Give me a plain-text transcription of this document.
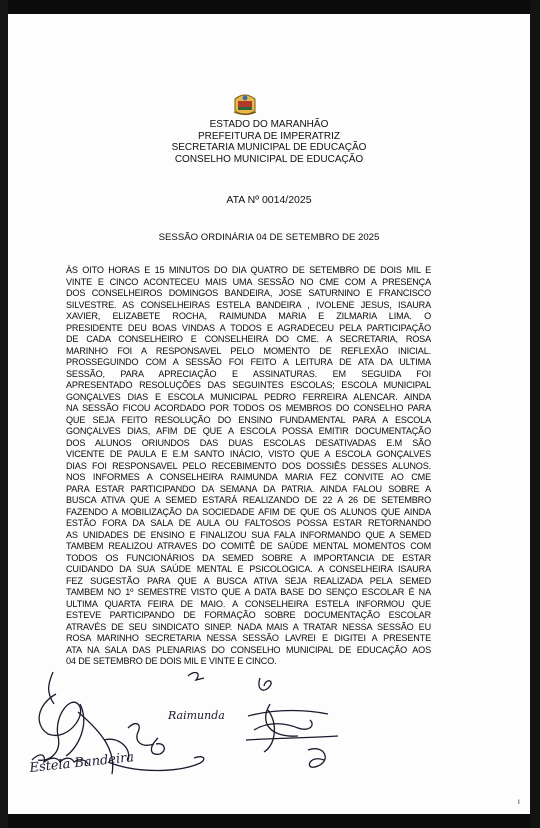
ESTADO DO MARANHÃO
PREFEITURA DE IMPERATRIZ
SECRETARIA MUNICIPAL DE EDUCAÇÃO
CONSELHO MUNICIPAL DE EDUCAÇÃO
ATA Nº 0014/2025
SESSÃO ORDINÁRIA 04 DE SETEMBRO DE 2025
ÀS OITO HORAS E 15 MINUTOS DO DIA QUATRO DE SETEMBRO DE DOIS MIL E
VINTE E CINCO ACONTECEU MAIS UMA SESSÃO NO CME COM A PRESENÇA
DOS CONSELHEIROS DOMINGOS BANDEIRA, JOSE SATURNINO E FRANCISCO
SILVESTRE. AS CONSELHEIRAS ESTELA BANDEIRA , IVOLENE JESUS, ISAURA
XAVIER, ELIZABETE ROCHA, RAIMUNDA MARIA E ZILMARIA LIMA. O
PRESIDENTE DEU BOAS VINDAS A TODOS E AGRADECEU PELA PARTICIPAÇÃO
DE CADA CONSELHEIRO E CONSELHEIRA DO CME. A SECRETARIA, ROSA
MARINHO FOI A RESPONSAVEL PELO MOMENTO DE REFLEXÃO INICIAL.
PROSSEGUINDO COM A SESSÃO FOI FEITO A LEITURA DE ATA DA ULTIMA
SESSÃO, PARA APRECIAÇÃO E ASSINATURAS. EM SEGUIDA FOI
APRESENTADO RESOLUÇÕES DAS SEGUINTES ESCOLAS; ESCOLA MUNICIPAL
GONÇALVES DIAS E ESCOLA MUNICIPAL PEDRO FERREIRA ALENCAR. AINDA
NA SESSÃO FICOU ACORDADO POR TODOS OS MEMBROS DO CONSELHO PARA
QUE SEJA FEITO RESOLUÇÃO DO ENSINO FUNDAMENTAL PARA A ESCOLA
GONÇALVES DIAS, AFIM DE QUE A ESCOLA POSSA EMITIR DOCUMENTAÇÃO
DOS ALUNOS ORIUNDOS DAS DUAS ESCOLAS DESATIVADAS E.M SÃO
VICENTE DE PAULA E E.M SANTO INÁCIO, VISTO QUE A ESCOLA GONÇALVES
DIAS FOI RESPONSAVEL PELO RECEBIMENTO DOS DOSSIÊS DESSES ALUNOS.
NOS INFORMES A CONSELHEIRA RAIMUNDA MARIA FEZ CONVITE AO CME
PARA ESTAR PARTICIPANDO DA SEMANA DA PATRIA. AINDA FALOU SOBRE A
BUSCA ATIVA QUE A SEMED ESTARÁ REALIZANDO DE 22 A 26 DE SETEMBRO
FAZENDO A MOBILIZAÇÃO DA SOCIEDADE AFIM DE QUE OS ALUNOS QUE AINDA
ESTÃO FORA DA SALA DE AULA OU FALTOSOS POSSA ESTAR RETORNANDO
AS UNIDADES DE ENSINO E FINALIZOU SUA FALA INFORMANDO QUE A SEMED
TAMBEM REALIZOU ATRAVES DO COMITÊ DE SAÚDE MENTAL MOMENTOS COM
TODOS OS FUNCIONÁRIOS DA SEMED SOBRE A IMPORTANCIA DE ESTAR
CUIDANDO DA SUA SAÚDE MENTAL E PSICOLOGICA. A CONSELHEIRA ISAURA
FEZ SUGESTÃO PARA QUE A BUSCA ATIVA SEJA REALIZADA PELA SEMED
TAMBEM NO 1º SEMESTRE VISTO QUE A DATA BASE DO SENÇO ESCOLAR É NA
ULTIMA QUARTA FEIRA DE MAIO. A CONSELHEIRA ESTELA INFORMOU QUE
ESTEVE PARTICIPANDO DE FORMAÇÃO SOBRE DOCUMENTAÇÃO ESCOLAR
ATRAVÉS DE SEU SINDICATO SINEP. NADA MAIS A TRATAR NESSA SESSÃO EU
ROSA MARINHO SECRETARIA NESSA SESSÃO LAVREI E DIGITEI A PRESENTE
ATA NA SALA DAS PLENARIAS DO CONSELHO MUNICIPAL DE EDUCAÇÃO AOS
04 DE SETEMBRO DE DOIS MIL E VINTE E CINCO.
Estela Bandeira
Raimunda
ı
